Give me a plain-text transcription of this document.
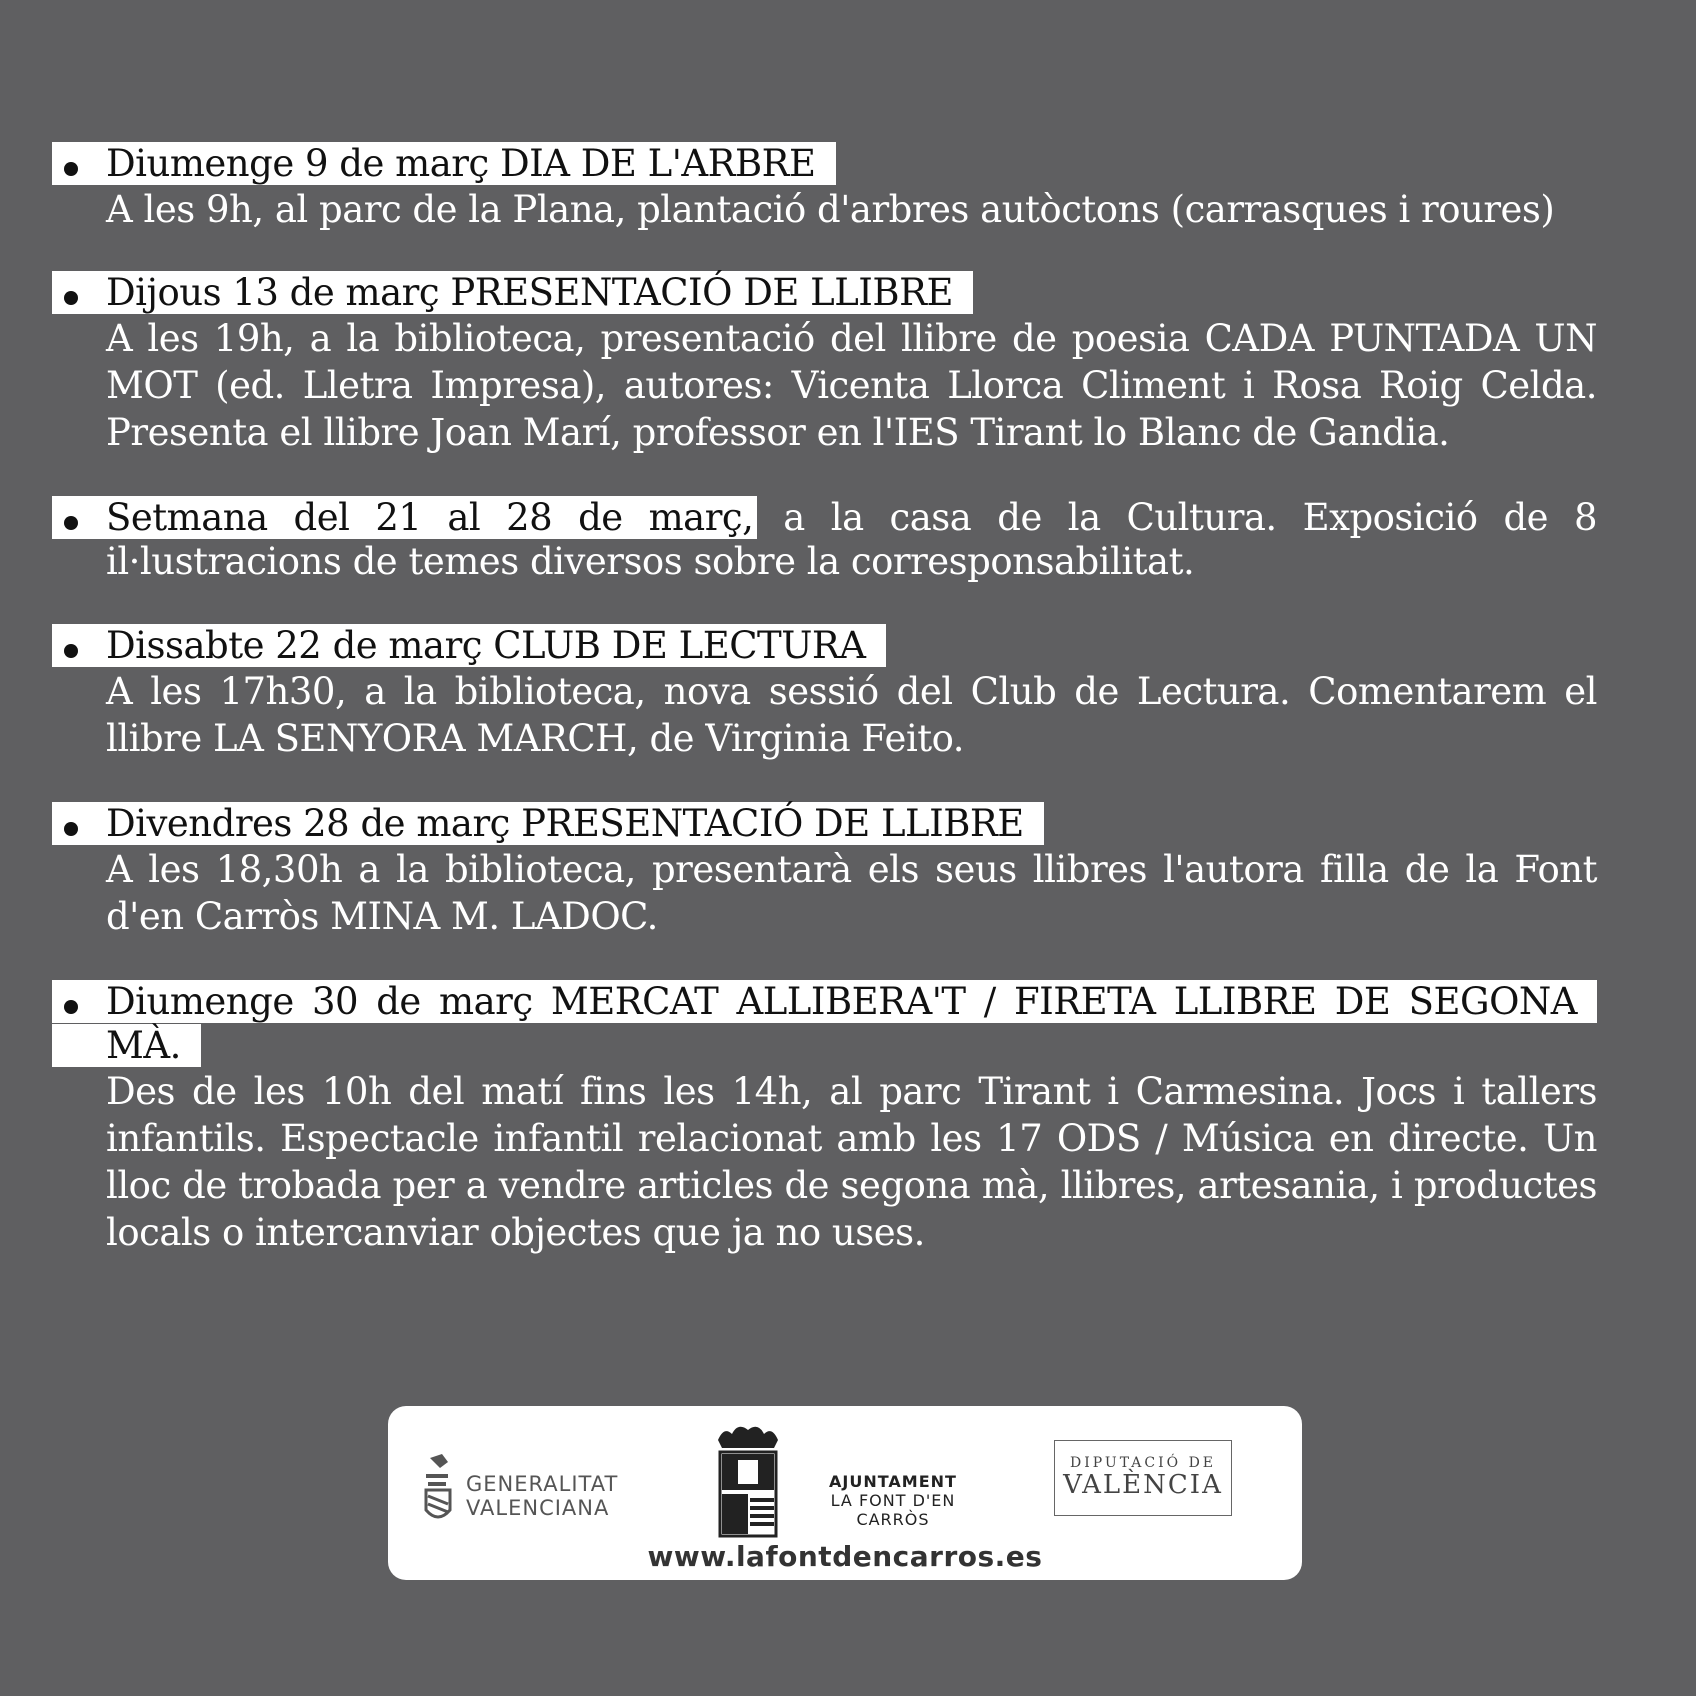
Diumenge 9 de març DIA DE L'ARBRE
A les 9h, al parc de la Plana, plantació d'arbres autòctons (carrasques i roures)
Dijous 13 de març PRESENTACIÓ DE LLIBRE
A les 19h, a la biblioteca, presentació del llibre de poesia CADA PUNTADA UN MOT (ed. Lletra Impresa), autores: Vicenta Llorca Climent i Rosa Roig Celda. Presenta el llibre Joan Marí, professor en l'IES Tirant lo Blanc de Gandia.
Setmana del 21 al 28 de març, a la casa de la Cultura. Exposició de 8 il·lustracions de temes diversos sobre la corresponsabilitat.
Dissabte 22 de març CLUB DE LECTURA
A les 17h30, a la biblioteca, nova sessió del Club de Lectura. Comentarem el llibre LA SENYORA MARCH, de Virginia Feito.
Divendres 28 de març PRESENTACIÓ DE LLIBRE
A les 18,30h a la biblioteca, presentarà els seus llibres l'autora filla de la Font d'en Carròs MINA M. LADOC.
Diumenge 30 de març MERCAT ALLIBERA'T / FIRETA LLIBRE DE SEGONA MÀ.
Des de les 10h del matí fins les 14h, al parc Tirant i Carmesina. Jocs i tallers infantils. Espectacle infantil relacionat amb les 17 ODS / Música en directe. Un lloc de trobada per a vendre articles de segona mà, llibres, artesania, i productes locals o intercanviar objectes que ja no uses.
GENERALITAT
VALENCIANA
AJUNTAMENT
LA FONT D'EN CARRÒS
DIPUTACIÓ DE
VALÈNCIA
www.lafontdencarros.es
